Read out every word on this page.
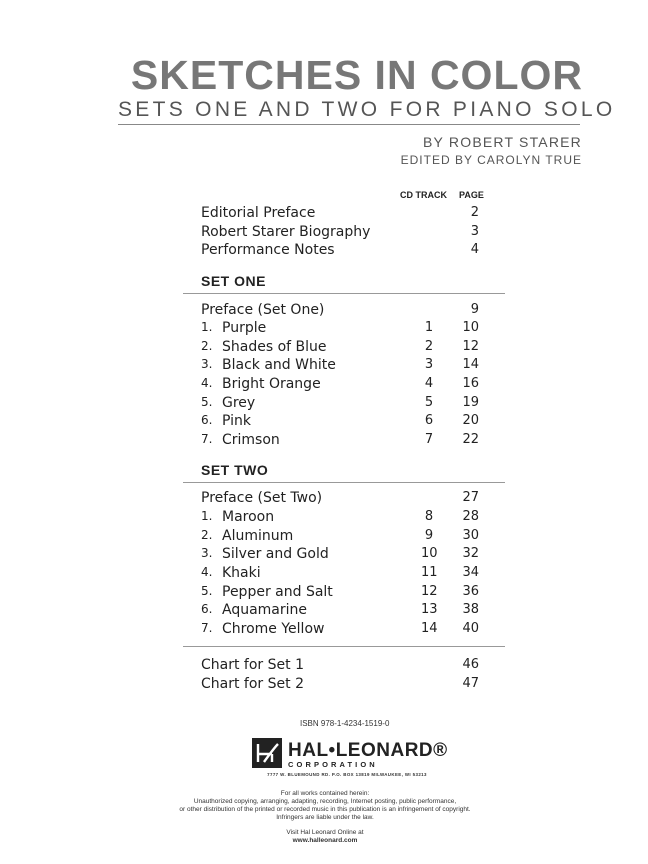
SKETCHES IN COLOR
SETS ONE AND TWO FOR PIANO SOLO
BY ROBERT STARER
EDITED BY CAROLYN TRUE
CD TRACK PAGE
Editorial Preface	2
Robert Starer Biography	3
Performance Notes	4
SET ONE
Preface (Set One)	9
1. Purple	1 10
2. Shades of Blue	2 12
3. Black and White	3 14
4. Bright Orange	4 16
5. Grey	5 19
6. Pink	6 20
7. Crimson	7 22
SET TWO
Preface (Set Two)	27
1. Maroon	8 28
2. Aluminum	9 30
3. Silver and Gold	10 32
4. Khaki	11 34
5. Pepper and Salt	12 36
6. Aquamarine	13 38
7. Chrome Yellow	14 40
Chart for Set 1	46
Chart for Set 2	47
ISBN 978-1-4234-1519-0
HAL•LEONARD®
CORPORATION
7777 W. BLUEMOUND RD. P.O. BOX 13819 MILWAUKEE, WI 53213
For all works contained herein:
Unauthorized copying, arranging, adapting, recording, Internet posting, public performance,
or other distribution of the printed or recorded music in this publication is an infringement of copyright.
Infringers are liable under the law.
Visit Hal Leonard Online at
www.halleonard.com
